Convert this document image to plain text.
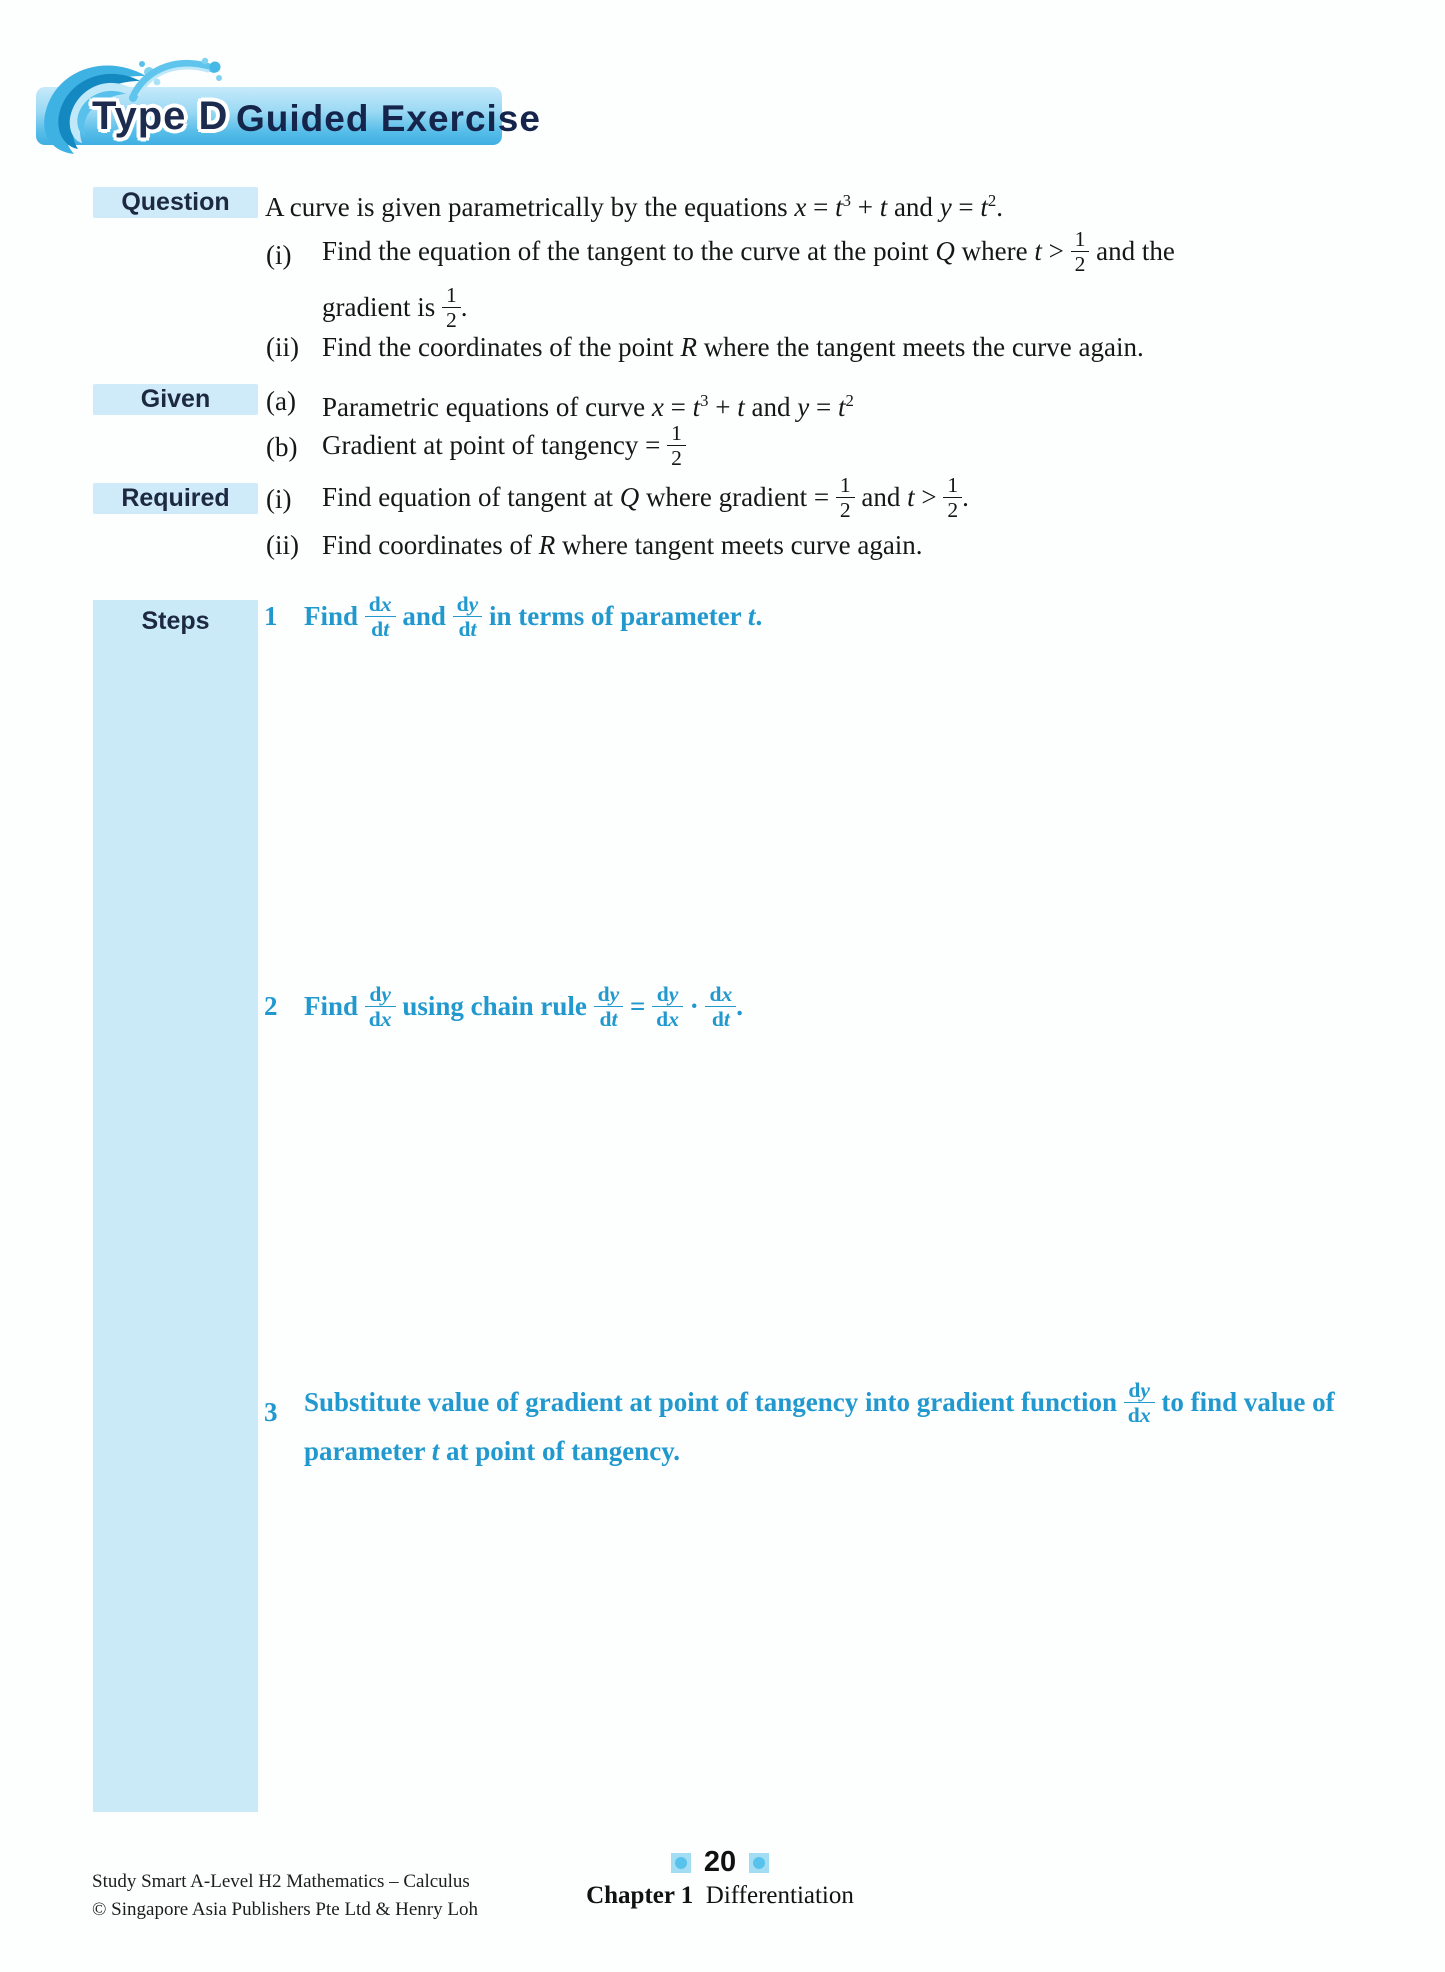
Type D Guided Exercise
Question	A curve is given parametrically by the equations $x = t^3 + t$ and $y = t^2$.
(i) Find the equation of the tangent to the curve at the point Q where $t > \frac{1}{2}$ and the
gradient is $\frac{1}{2}$ .
(ii) Find the coordinates of the point R where the tangent meets the curve again.
Given	(a) Parametric equations of curve $x = t^3 + t$ and $y = t^2$
(b) Gradient at point of tangency = $\frac{1}{2}$
Required	(i) Find equation of tangent at Q where gradient = $\frac{1}{2}$ and $t > \frac{1}{2}$ .
(ii) Find coordinates of R where tangent meets curve again.
Steps	1 Find $\frac{dx}{dt}$ and $\frac{dy}{dt}$ in terms of parameter t.
2 Find $\frac{dy}{dx}$ using chain rule $\frac{dy}{dt} = \frac{dy}{dx} \cdot \frac{dx}{dt}$ .
3 Substitute value of gradient at point of tangency into gradient function $\frac{dy}{dx}$ to find value of parameter t at point of tangency.
Study Smart A-Level H2 Mathematics – Calculus
© Singapore Asia Publishers Pte Ltd & Henry Loh
20
Chapter 1  Differentiation
